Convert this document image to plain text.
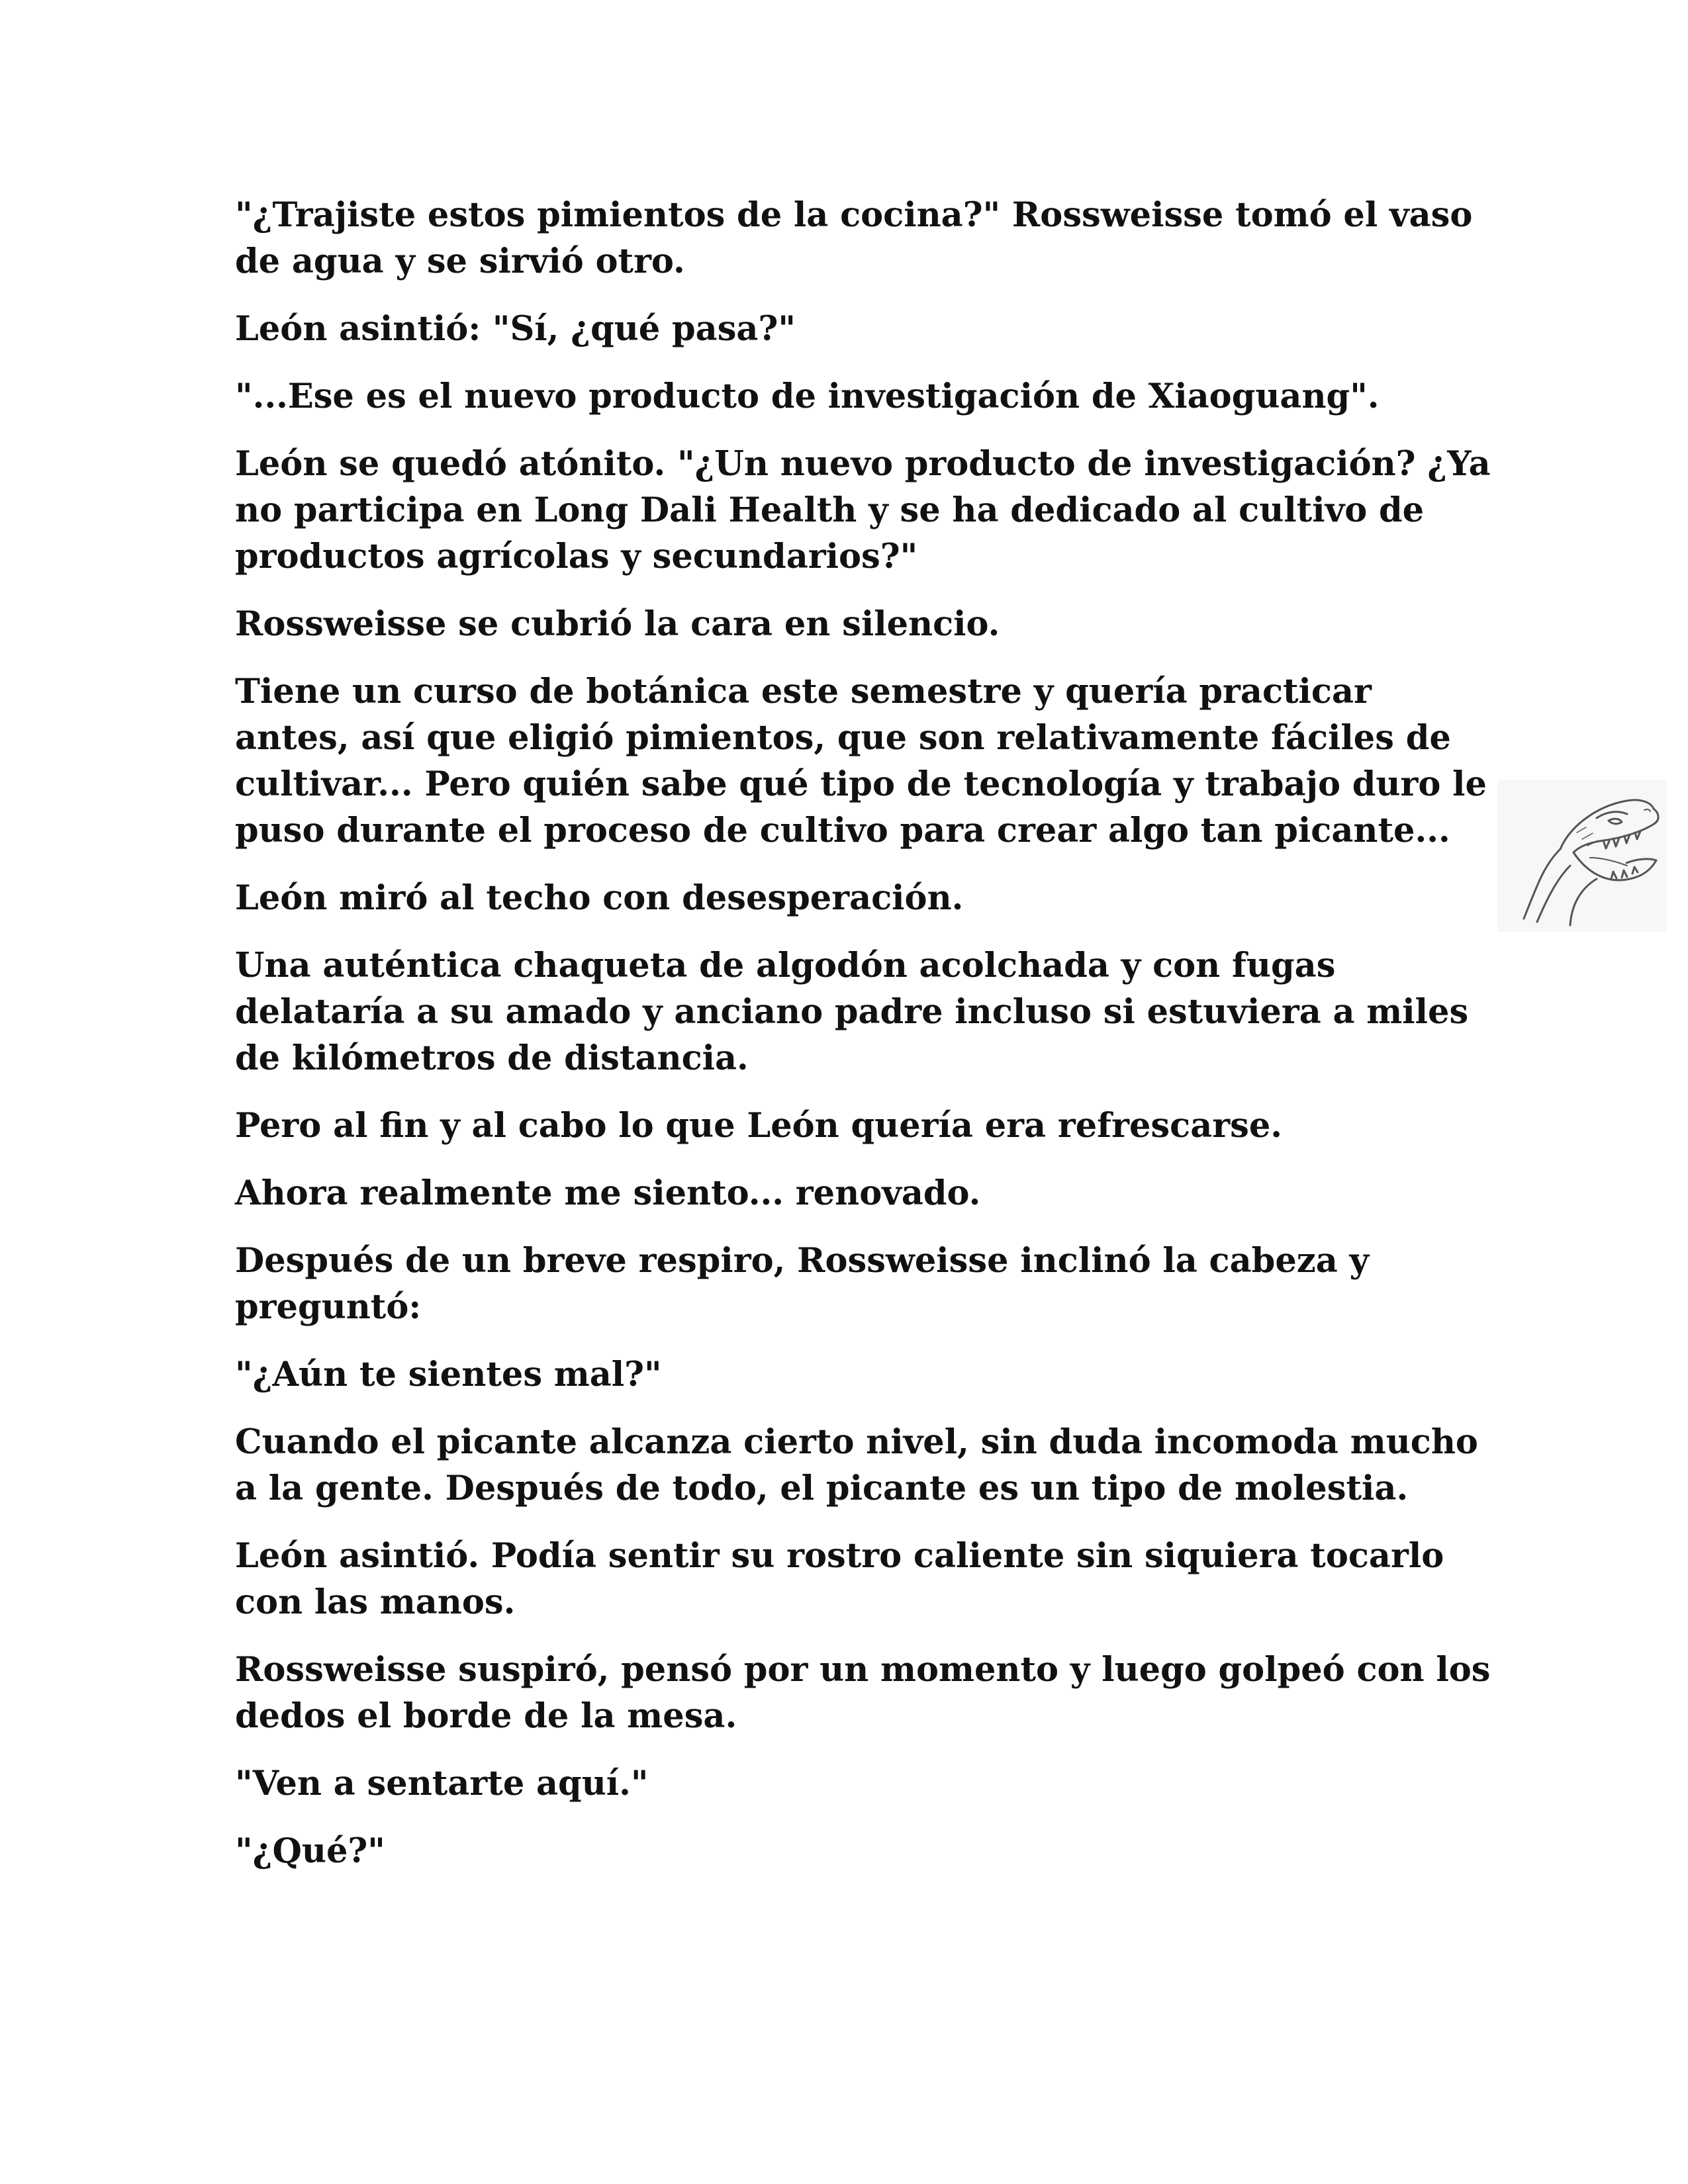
"¿Trajiste estos pimientos de la cocina?" Rossweisse tomó el vaso de agua y se sirvió otro.

León asintió: "Sí, ¿qué pasa?"

"...Ese es el nuevo producto de investigación de Xiaoguang".

León se quedó atónito. "¿Un nuevo producto de investigación? ¿Ya no participa en Long Dali Health y se ha dedicado al cultivo de productos agrícolas y secundarios?"

Rossweisse se cubrió la cara en silencio.

Tiene un curso de botánica este semestre y quería practicar antes, así que eligió pimientos, que son relativamente fáciles de cultivar... Pero quién sabe qué tipo de tecnología y trabajo duro le puso durante el proceso de cultivo para crear algo tan picante...

León miró al techo con desesperación.

Una auténtica chaqueta de algodón acolchada y con fugas delataría a su amado y anciano padre incluso si estuviera a miles de kilómetros de distancia.

Pero al fin y al cabo lo que León quería era refrescarse.

Ahora realmente me siento... renovado.

Después de un breve respiro, Rossweisse inclinó la cabeza y preguntó:

"¿Aún te sientes mal?"

Cuando el picante alcanza cierto nivel, sin duda incomoda mucho a la gente. Después de todo, el picante es un tipo de molestia.

León asintió. Podía sentir su rostro caliente sin siquiera tocarlo con las manos.

Rossweisse suspiró, pensó por un momento y luego golpeó con los dedos el borde de la mesa.

"Ven a sentarte aquí."

"¿Qué?"
